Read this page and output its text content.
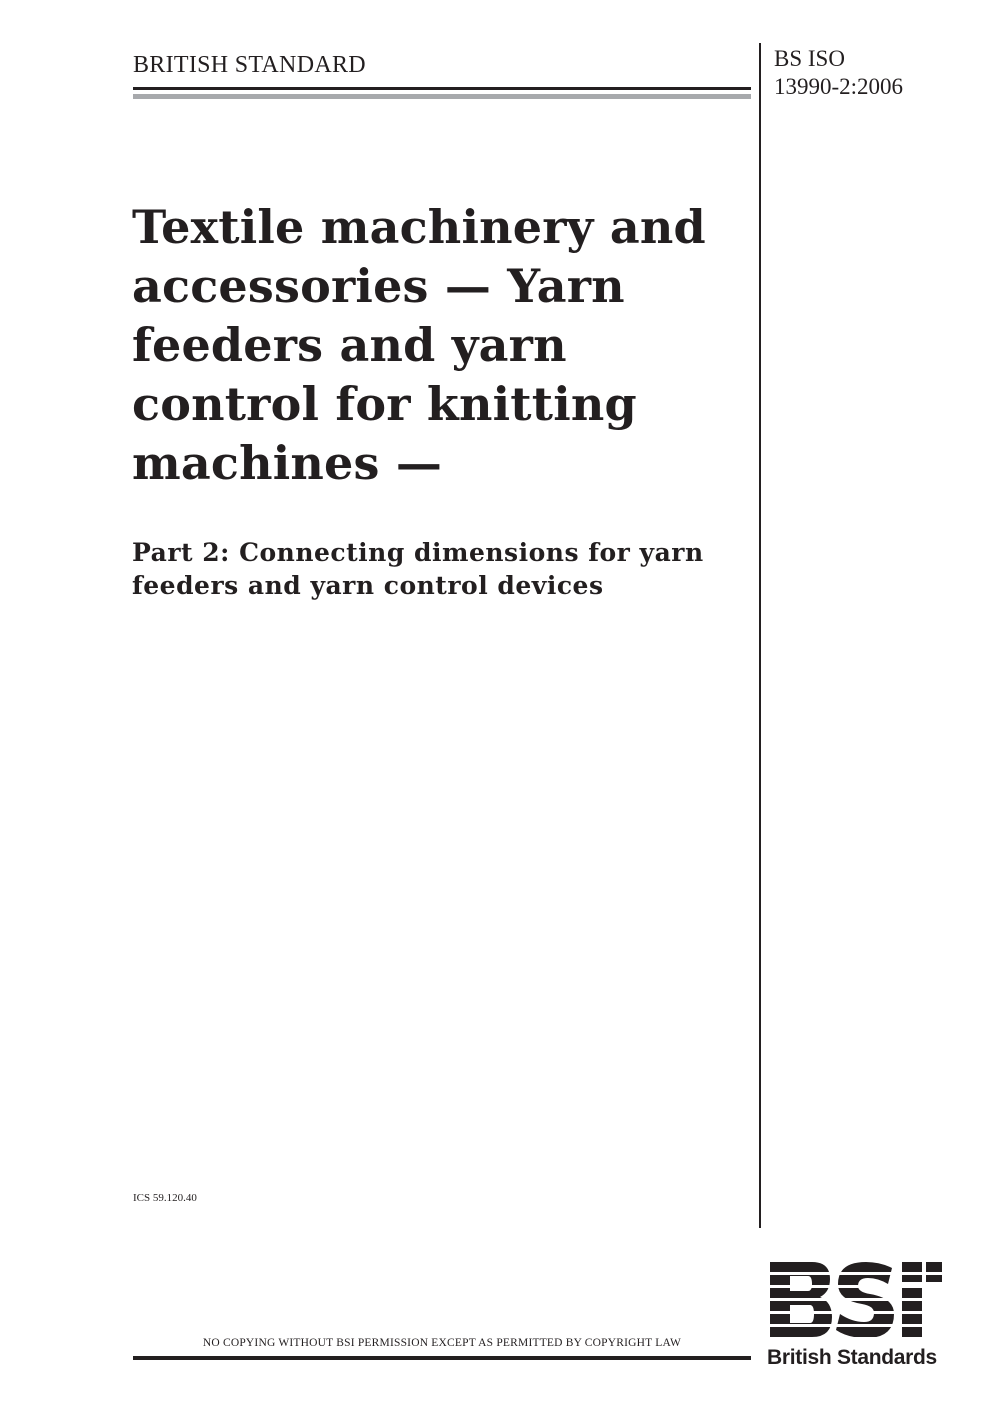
BRITISH STANDARD	BS ISO
13990-2:2006
Textile machinery and
accessories — Yarn
feeders and yarn
control for knitting
machines —
Part 2: Connecting dimensions for yarn
feeders and yarn control devices
ICS 59.120.40
NO COPYING WITHOUT BSI PERMISSION EXCEPT AS PERMITTED BY COPYRIGHT LAW
British Standards
